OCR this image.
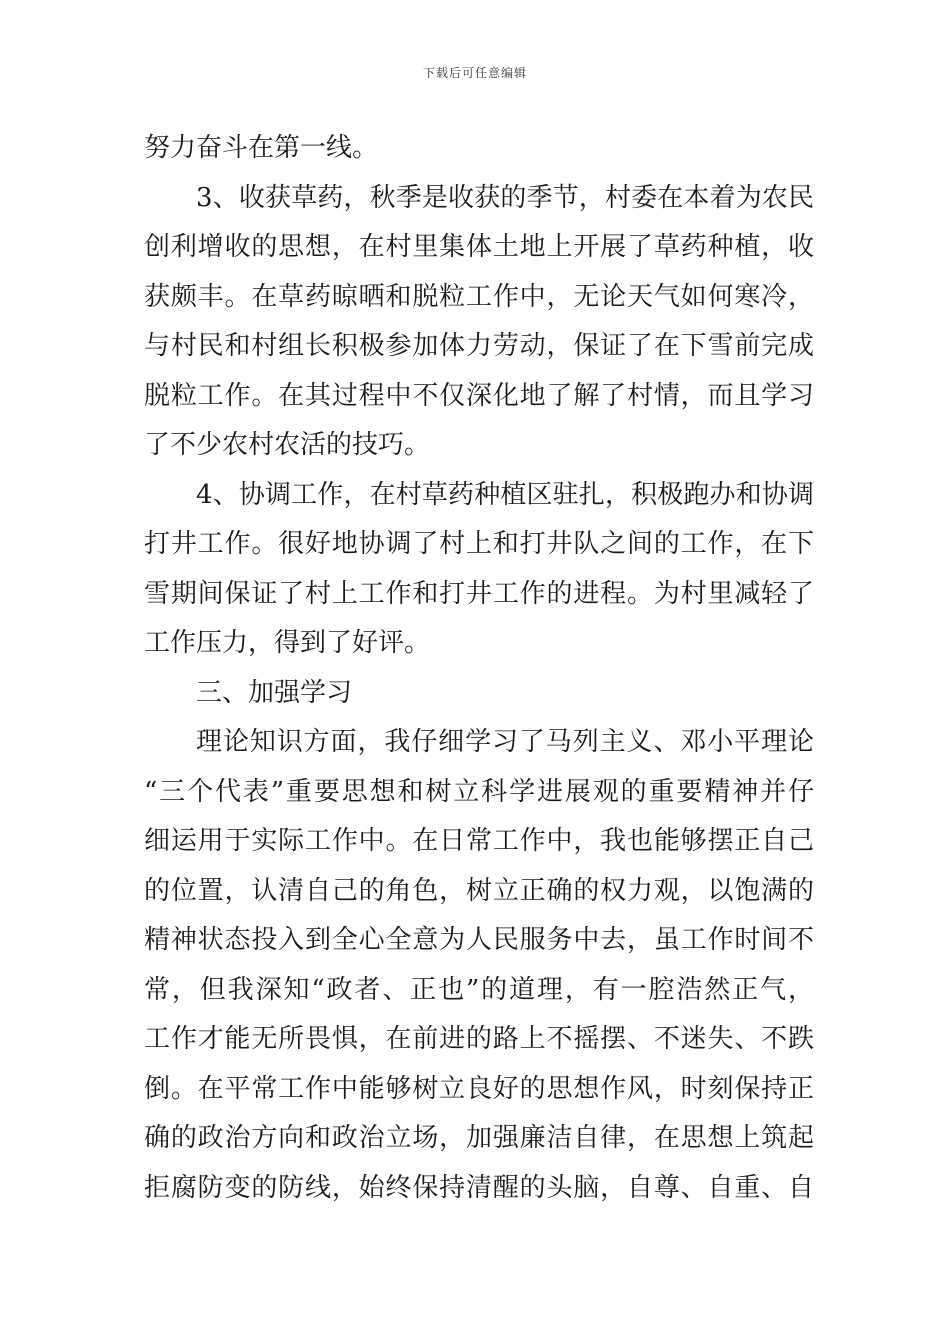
下载后可任意编辑
努力奋斗在第一线。
3、收获草药，秋季是收获的季节，村委在本着为农民
创利增收的思想，在村里集体土地上开展了草药种植，收
获颇丰。在草药晾晒和脱粒工作中，无论天气如何寒冷，
与村民和村组长积极参加体力劳动，保证了在下雪前完成
脱粒工作。在其过程中不仅深化地了解了村情，而且学习
了不少农村农活的技巧。
4、协调工作，在村草药种植区驻扎，积极跑办和协调
打井工作。很好地协调了村上和打井队之间的工作，在下
雪期间保证了村上工作和打井工作的进程。为村里减轻了
工作压力，得到了好评。
三、加强学习
理论知识方面，我仔细学习了马列主义、邓小平理论
“三个代表”重要思想和树立科学进展观的重要精神并仔
细运用于实际工作中。在日常工作中，我也能够摆正自己
的位置，认清自己的角色，树立正确的权力观，以饱满的
精神状态投入到全心全意为人民服务中去，虽工作时间不
常，但我深知“政者、正也”的道理，有一腔浩然正气，
工作才能无所畏惧，在前进的路上不摇摆、不迷失、不跌
倒。在平常工作中能够树立良好的思想作风，时刻保持正
确的政治方向和政治立场，加强廉洁自律，在思想上筑起
拒腐防变的防线，始终保持清醒的头脑，自尊、自重、自
